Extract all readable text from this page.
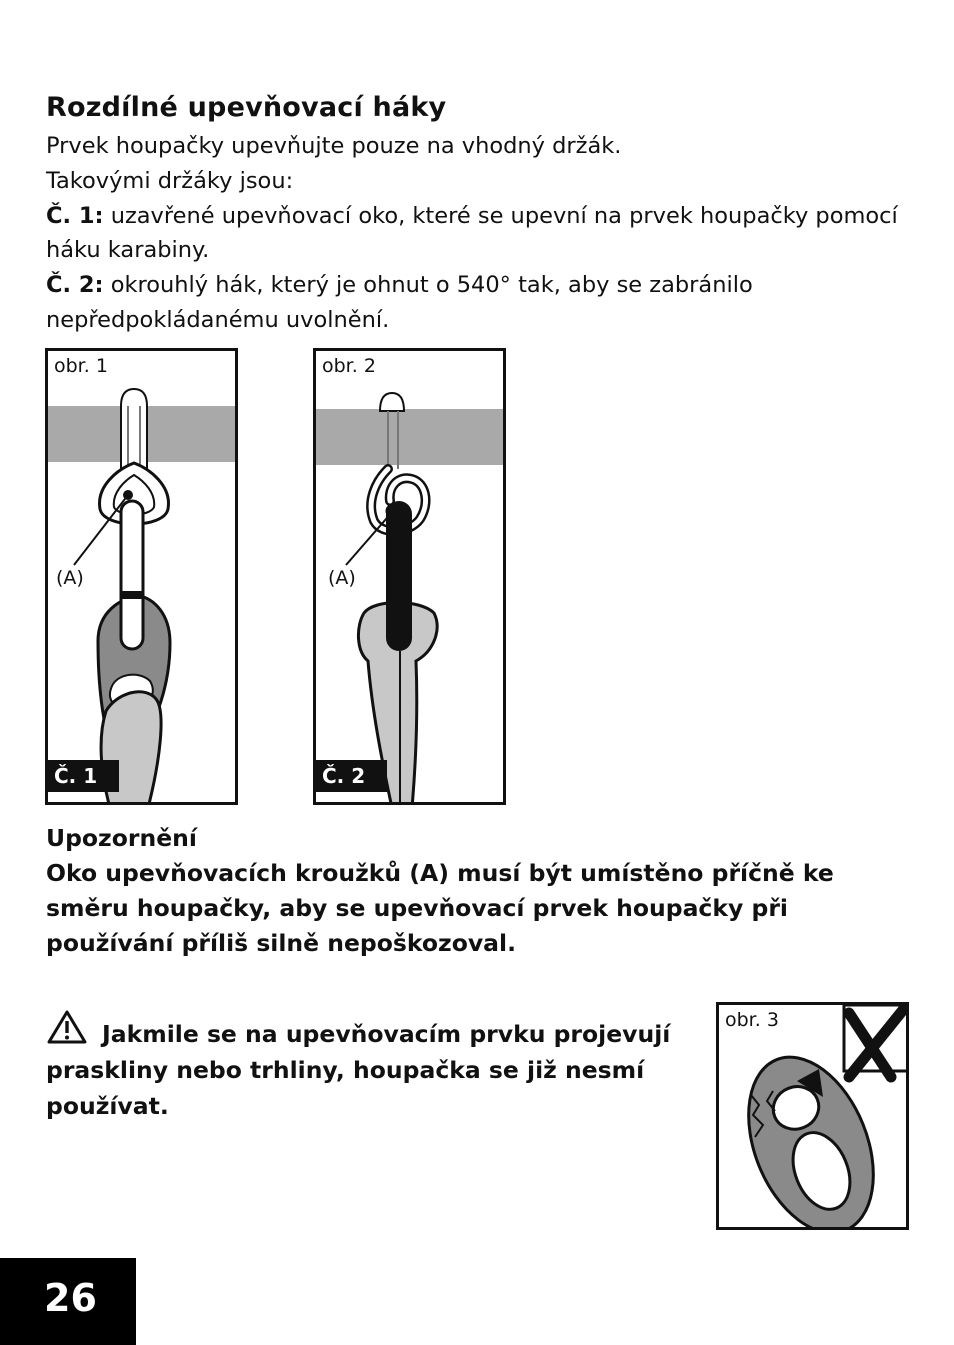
Rozdílné upevňovací háky
Prvek houpačky upevňujte pouze na vhodný držák.
Takovými držáky jsou:
Č. 1: uzavřené upevňovací oko, které se upevní na prvek houpačky pomocí
háku karabiny.
Č. 2: okrouhlý hák, který je ohnut o 540° tak, aby se zabránilo
nepředpokládanému uvolnění.
obr. 1
(A)
Č. 1
obr. 2
(A)
Č. 2
Upozornění
Oko upevňovacích kroužků (A) musí být umístěno příčně ke
směru houpačky, aby se upevňovací prvek houpačky při
používání příliš silně nepoškozoval.
Jakmile se na upevňovacím prvku projevují
praskliny nebo trhliny, houpačka se již nesmí
používat.
obr. 3
26
